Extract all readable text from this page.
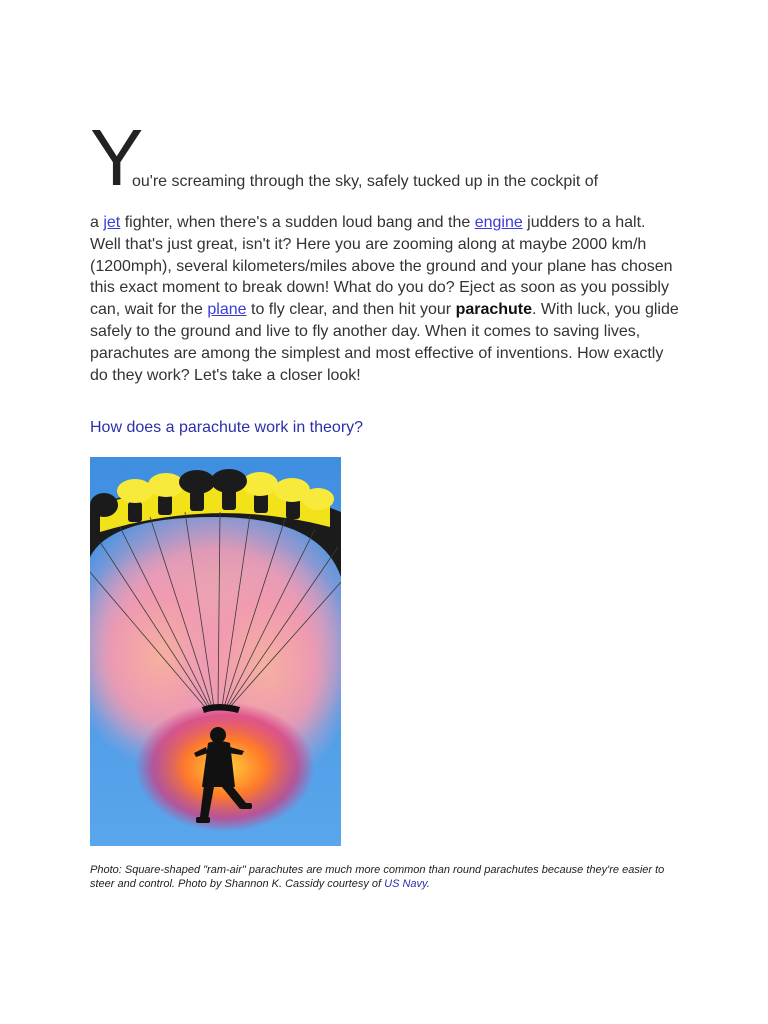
Y
ou're screaming through the sky, safely tucked up in the cockpit of
a jet fighter, when there's a sudden loud bang and the engine judders to a halt. Well that's just great, isn't it? Here you are zooming along at maybe 2000 km/h (1200mph), several kilometers/miles above the ground and your plane has chosen this exact moment to break down! What do you do? Eject as soon as you possibly can, wait for the plane to fly clear, and then hit your parachute. With luck, you glide safely to the ground and live to fly another day. When it comes to saving lives, parachutes are among the simplest and most effective of inventions. How exactly do they work? Let's take a closer look!
How does a parachute work in theory?
Photo: Square-shaped "ram-air" parachutes are much more common than round parachutes because they're easier to steer and control. Photo by Shannon K. Cassidy courtesy of US Navy.
